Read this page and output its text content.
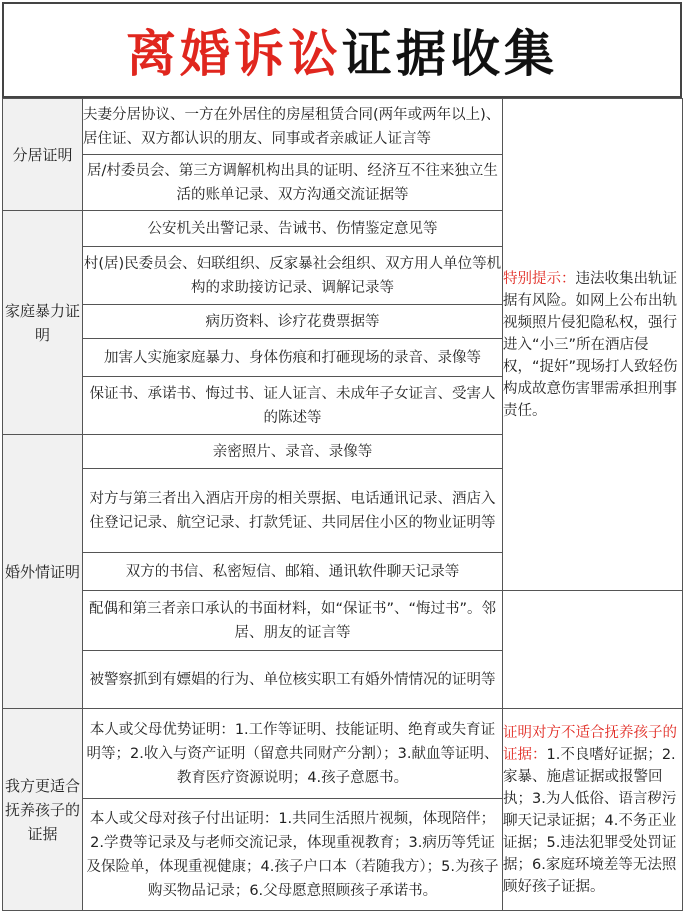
离婚诉讼 证据收集
分居证明	夫妻分居协议、一方在外居住的房屋租赁合同(两年或两年以上)、居住证、双方都认识的朋友、同事或者亲戚证人证言等	特别提示：违法收集出轨证据有风险。如网上公布出轨视频照片侵犯隐私权，强行进入“小三”所在酒店侵权，“捉奸”现场打人致轻伤构成故意伤害罪需承担刑事责任。
	居/村委员会、第三方调解机构出具的证明、经济互不往来独立生活的账单记录、双方沟通交流证据等	
家庭暴力证明	公安机关出警记录、告诫书、伤情鉴定意见等	
	村(居)民委员会、妇联组织、反家暴社会组织、双方用人单位等机构的求助接访记录、调解记录等	
	病历资料、诊疗花费票据等	
	加害人实施家庭暴力、身体伤痕和打砸现场的录音、录像等	
	保证书、承诺书、悔过书、证人证言、未成年子女证言、受害人的陈述等	
婚外情证明	亲密照片、录音、录像等	
	对方与第三者出入酒店开房的相关票据、电话通讯记录、酒店入住登记记录、航空记录、打款凭证、共同居住小区的物业证明等	
	双方的书信、私密短信、邮箱、通讯软件聊天记录等	
	配偶和第三者亲口承认的书面材料，如“保证书”、“悔过书”。邻居、朋友的证言等	
	被警察抓到有嫖娼的行为、单位核实职工有婚外情情况的证明等	
我方更适合抚养孩子的证据	本人或父母优势证明：1.工作等证明、技能证明、绝育或失育证明等；2.收入与资产证明（留意共同财产分割）；3.献血等证明、教育医疗资源说明；4.孩子意愿书。	证明对方不适合抚养孩子的证据：1.不良嗜好证据；2.家暴、施虐证据或报警回执；3.为人低俗、语言秽污聊天记录证据；4.不务正业证据；5.违法犯罪受处罚证据；6.家庭环境差等无法照顾好孩子证据。
	本人或父母对孩子付出证明：1.共同生活照片视频，体现陪伴；2.学费等记录及与老师交流记录，体现重视教育；3.病历等凭证及保险单，体现重视健康；4.孩子户口本（若随我方）；5.为孩子购买物品记录；6.父母愿意照顾孩子承诺书。	
